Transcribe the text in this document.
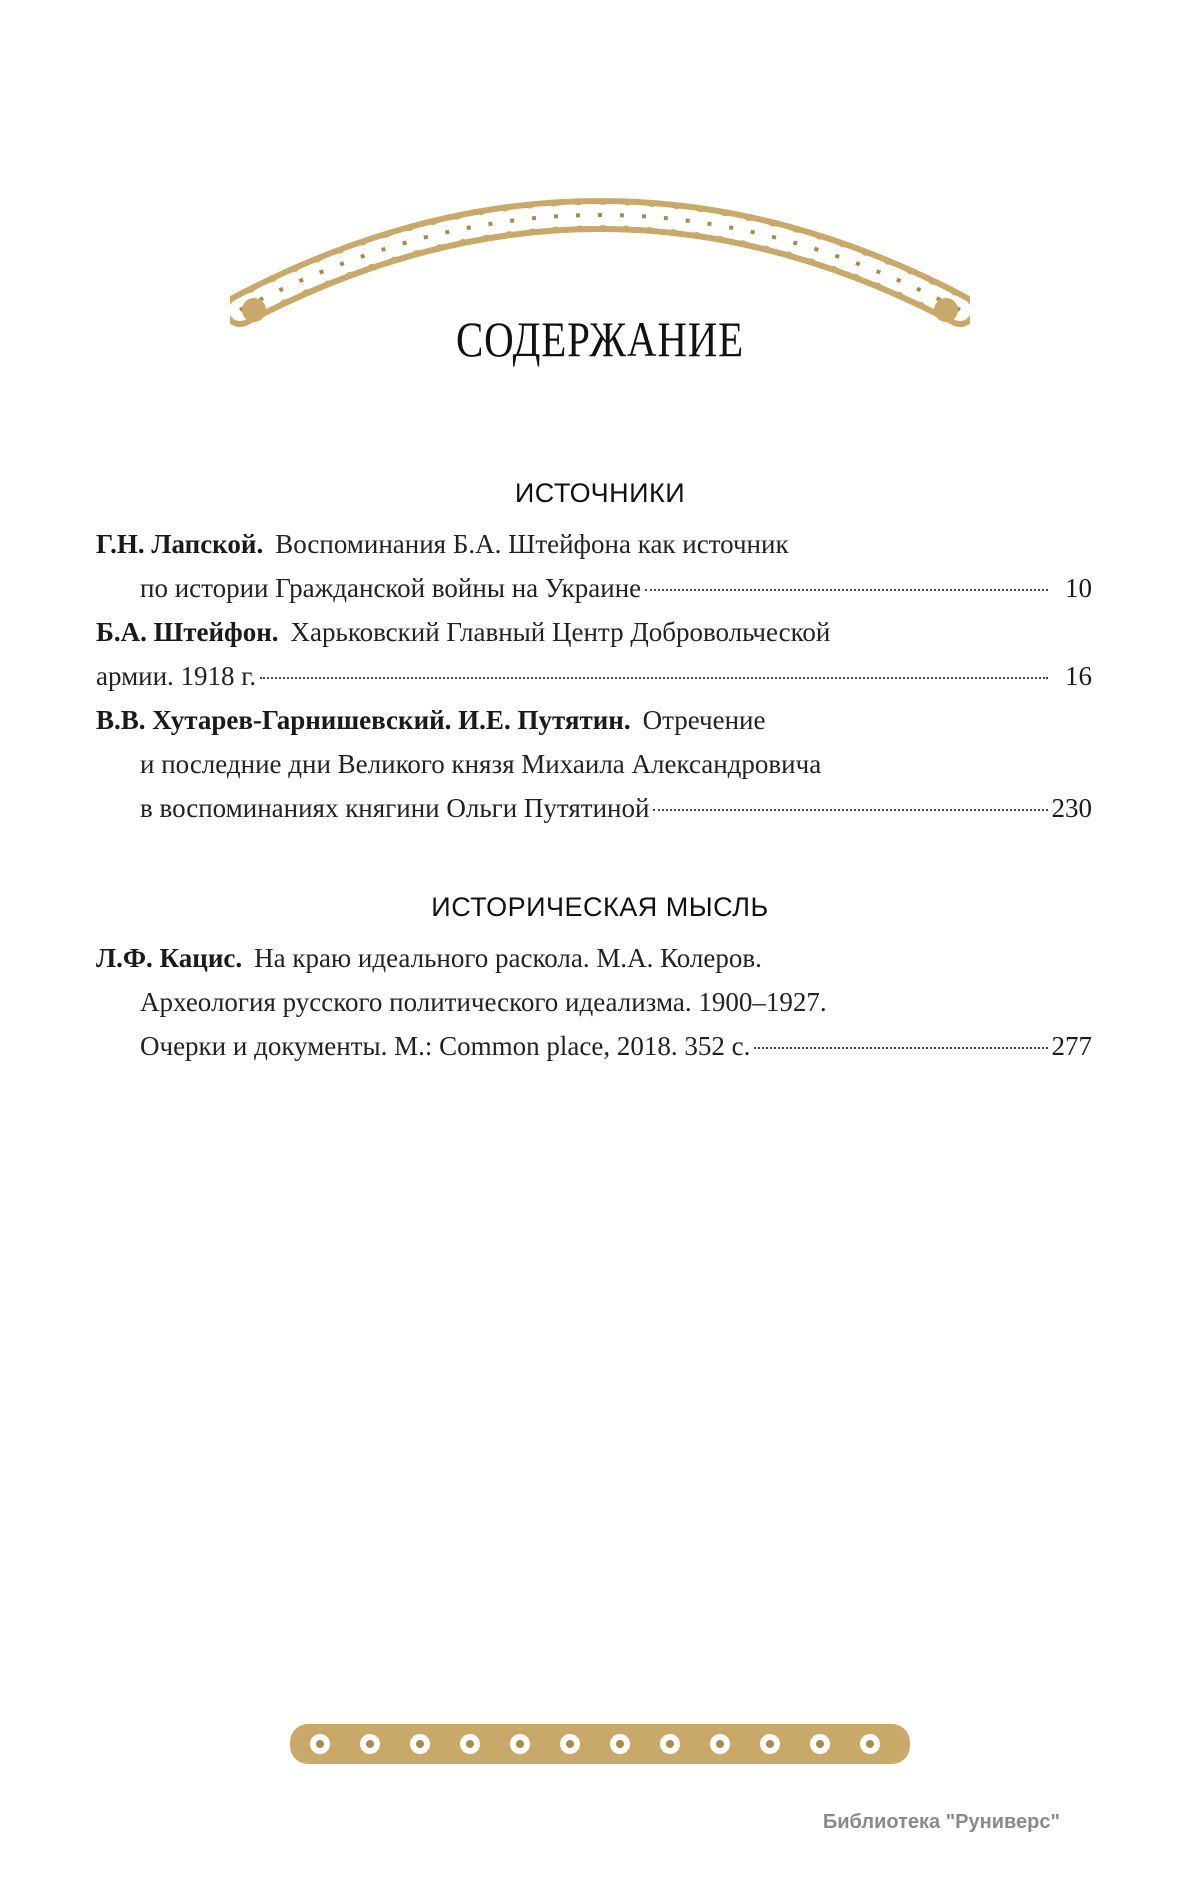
СОДЕРЖАНИЕ
ИСТОЧНИКИ
Г.Н. Лапской. Воспоминания Б.А. Штейфона как источник
по истории Гражданской войны на Украине	10
Б.А. Штейфон. Харьковский Главный Центр Добровольческой
армии. 1918 г.	16
В.В. Хутарев-Гарнишевский. И.Е. Путятин. Отречение
и последние дни Великого князя Михаила Александровича
в воспоминаниях княгини Ольги Путятиной	230
ИСТОРИЧЕСКАЯ МЫСЛЬ
Л.Ф. Кацис. На краю идеального раскола. М.А. Колеров.
Археология русского политического идеализма. 1900–1927.
Очерки и документы. М.: Common place, 2018. 352 с.	277
Библиотека "Руниверс"
